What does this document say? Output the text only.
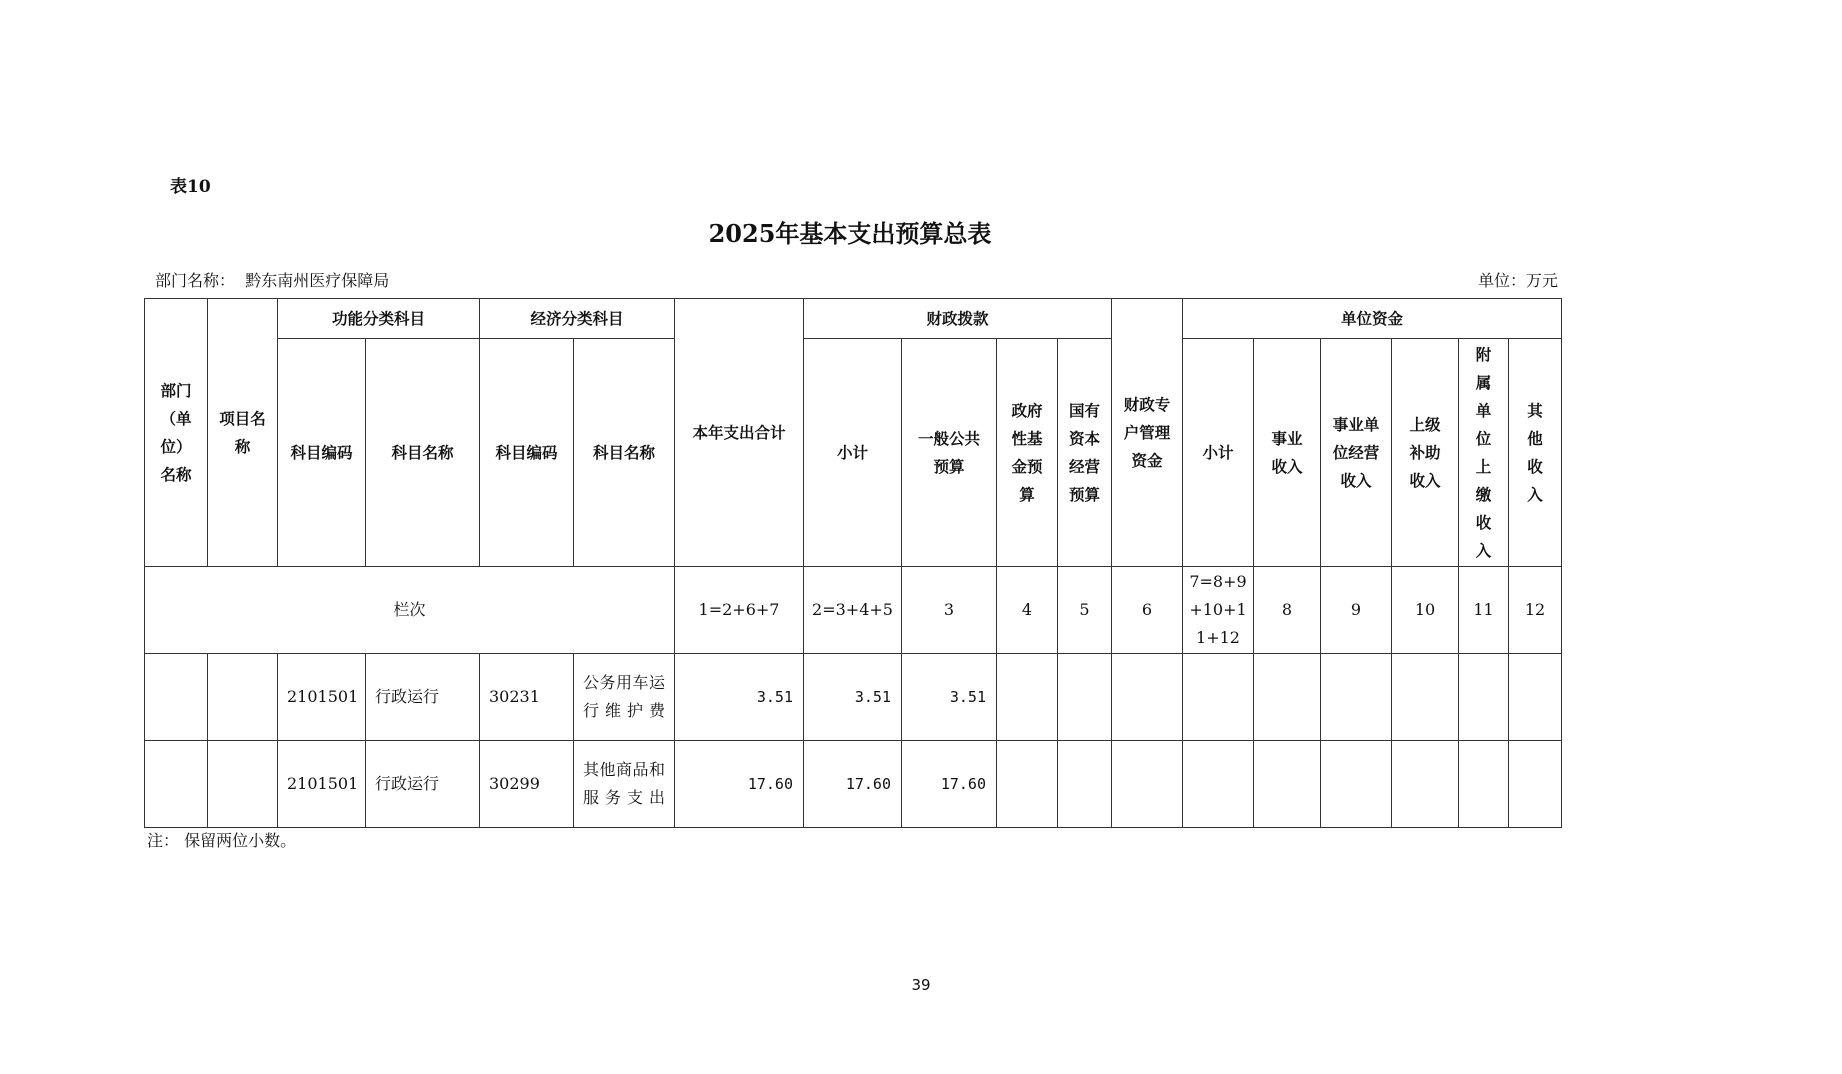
表10
2025年基本支出预算总表
部门名称： 黔东南州医疗保障局	单位：万元
部门（单位）名称	项目名称	功能分类科目		经济分类科目		本年支出合计	财政拨款				财政专户管理资金	单位资金					
		科目编码	科目名称	科目编码	科目名称		小计	一般公共预算	政府性基金预算	国有资本经营预算		小计	事业收入	事业单位经营收入	上级补助收入	附属单位上缴收入	其他收入

栏次						1=2+6+7	2=3+4+5	3	4	5	6	7=8+9+10+11+12	8	9	10	11	12
		2101501	行政运行	30231	公务用车运行维护费	3.51	3.51	3.51									
		2101501	行政运行	30299	其他商品和服务支出	17.60	17.60	17.60									
注： 保留两位小数。
39
